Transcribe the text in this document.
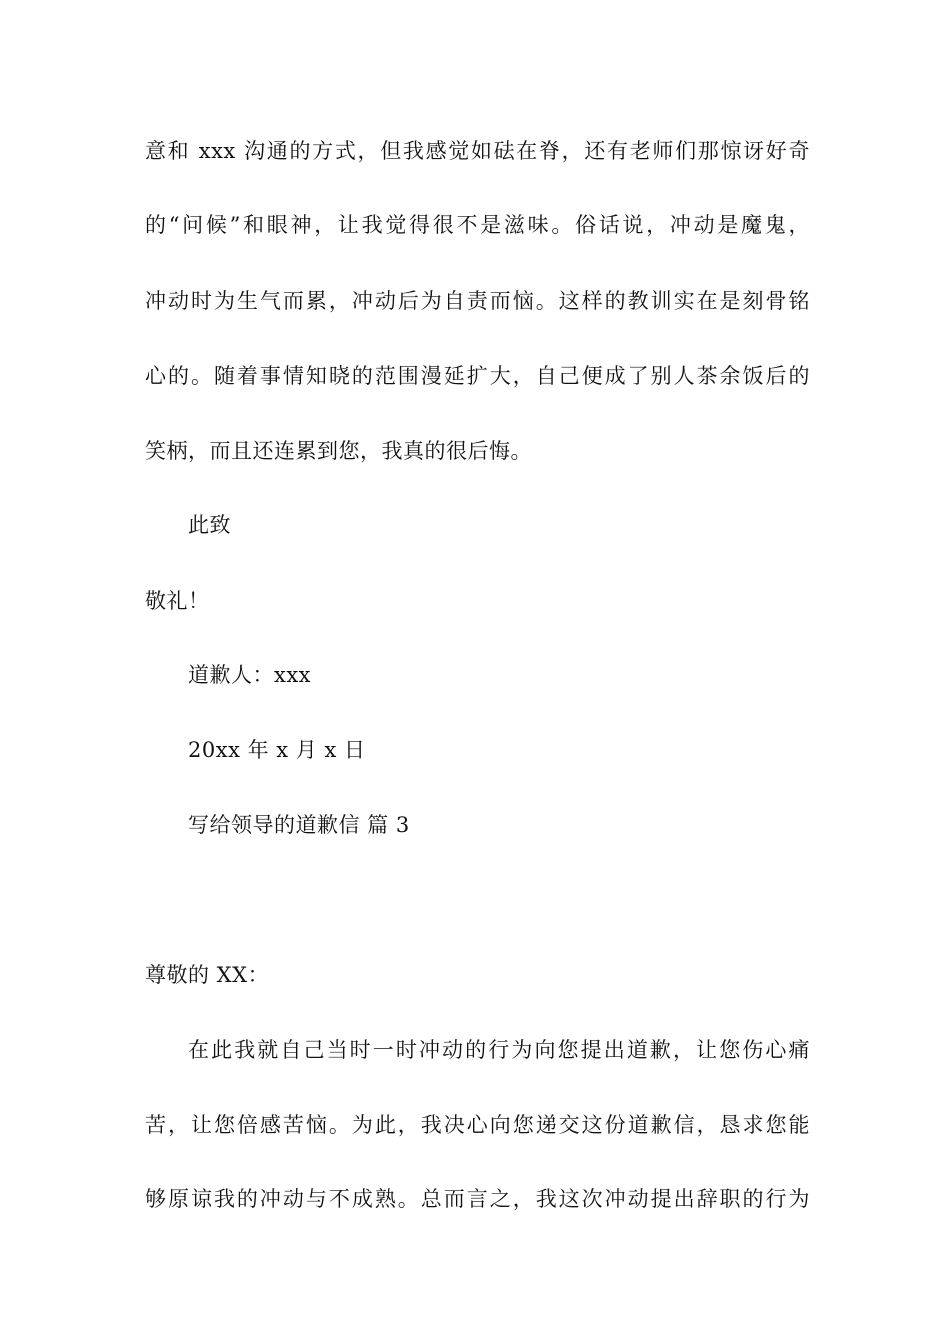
意和 xxx 沟通的方式，但我感觉如砝在脊，还有老师们那惊讶好奇
的“问候”和眼神，让我觉得很不是滋味。俗话说，冲动是魔鬼，
冲动时为生气而累，冲动后为自责而恼。这样的教训实在是刻骨铭
心的。随着事情知晓的范围漫延扩大，自己便成了别人茶余饭后的
笑柄，而且还连累到您，我真的很后悔。
此致
敬礼！
道歉人：xxx
20xx 年 x 月 x 日
写给领导的道歉信 篇 3
尊敬的 XX：
在此我就自己当时一时冲动的行为向您提出道歉，让您伤心痛
苦，让您倍感苦恼。为此，我决心向您递交这份道歉信，恳求您能
够原谅我的冲动与不成熟。总而言之，我这次冲动提出辞职的行为
